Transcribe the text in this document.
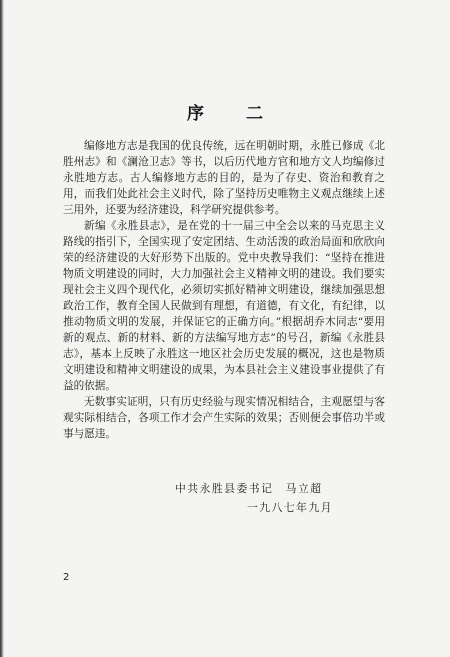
序 二

编修地方志是我国的优良传统，远在明朝时期，永胜已修成《北胜州志》和《澜沧卫志》等书，以后历代地方官和地方文人均编修过永胜地方志。古人编修地方志的目的，是为了存史、资治和教育之用，而我们处此社会主义时代，除了坚持历史唯物主义观点继续上述三用外，还要为经济建设，科学研究提供参考。

新编《永胜县志》，是在党的十一届三中全会以来的马克思主义路线的指引下，全国实现了安定团结、生动活泼的政治局面和欣欣向荣的经济建设的大好形势下出版的。党中央教导我们：“坚持在推进物质文明建设的同时，大力加强社会主义精神文明的建设。我们要实现社会主义四个现代化，必须切实抓好精神文明建设，继续加强思想政治工作，教育全国人民做到有理想，有道德，有文化，有纪律，以推动物质文明的发展，并保证它的正确方向。”根据胡乔木同志“要用新的观点、新的材料、新的方法编写地方志”的号召，新编《永胜县志》，基本上反映了永胜这一地区社会历史发展的概况，这也是物质文明建设和精神文明建设的成果，为本县社会主义建设事业提供了有益的依据。

无数事实证明，只有历史经验与现实情况相结合，主观愿望与客观实际相结合，各项工作才会产生实际的效果；否则便会事倍功半或事与愿违。

中共永胜县委书记　马立超
一九八七年九月
2
